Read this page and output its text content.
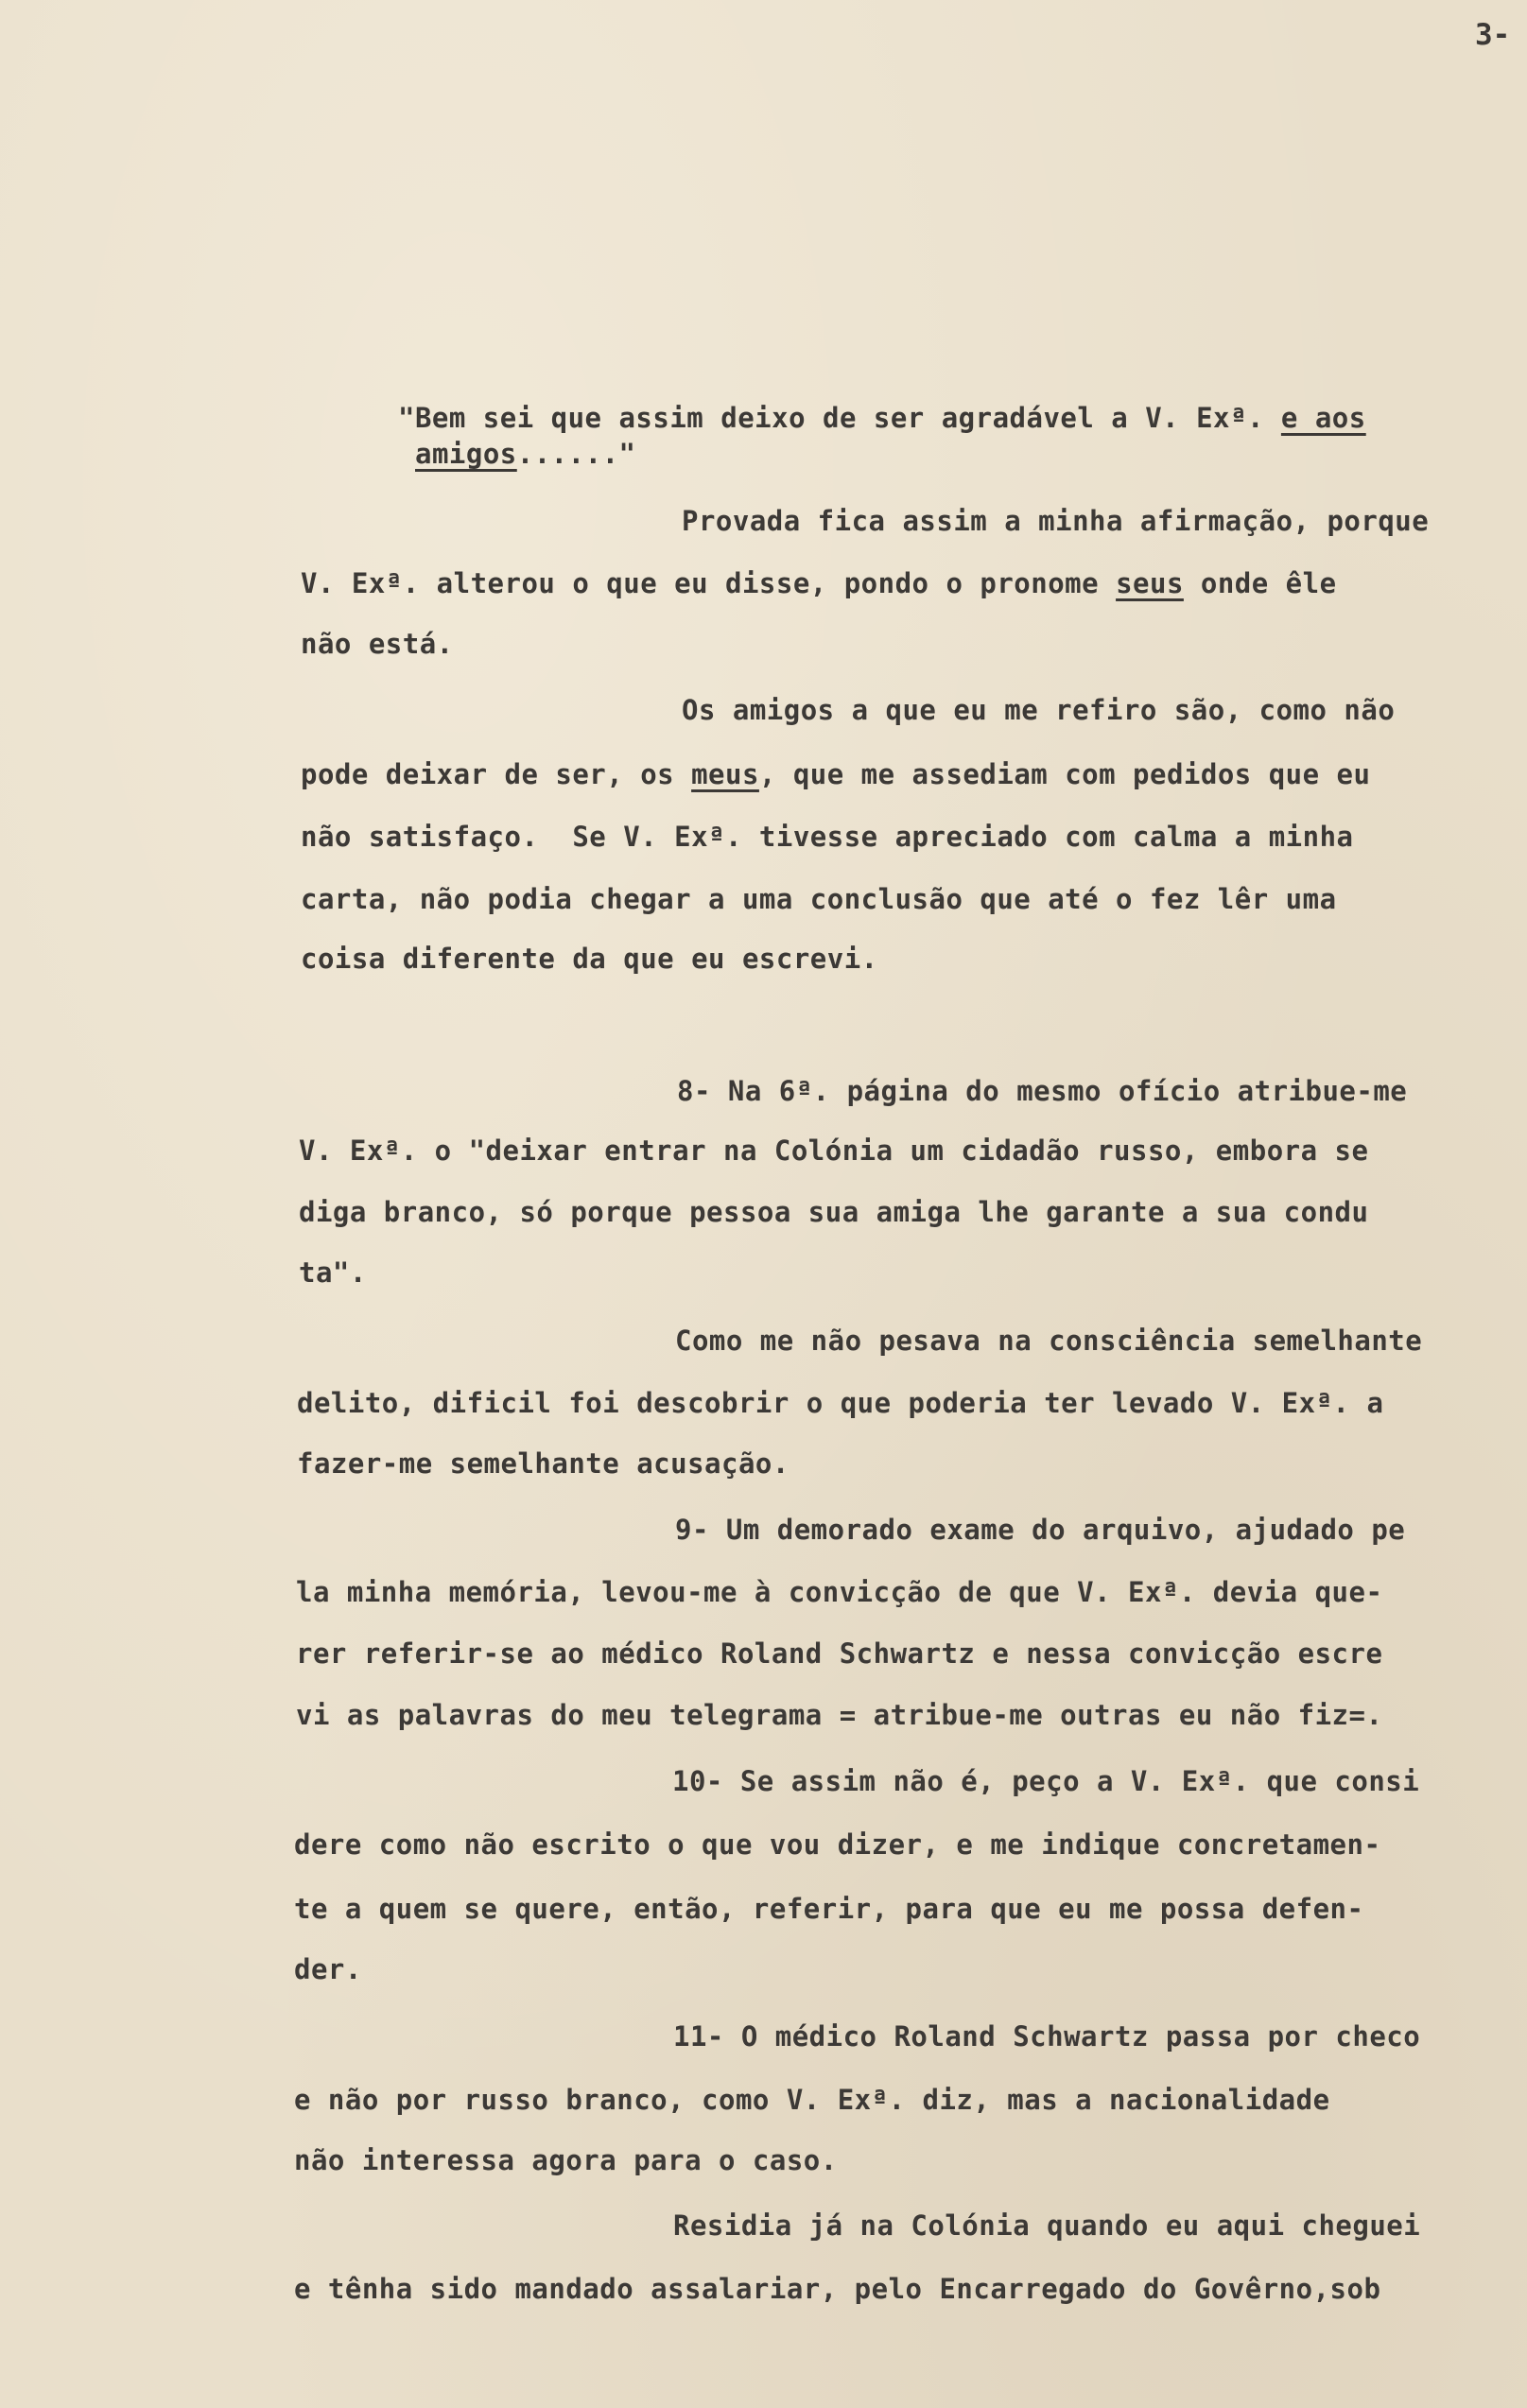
3-

"Bem sei que assim deixo de ser agradável a V. Exª. e aos

amigos......"

Provada fica assim a minha afirmação, porque

V. Exª. alterou o que eu disse, pondo o pronome seus onde êle

não está.

Os amigos a que eu me refiro são, como não

pode deixar de ser, os meus, que me assediam com pedidos que eu

não satisfaço.  Se V. Exª. tivesse apreciado com calma a minha

carta, não podia chegar a uma conclusão que até o fez lêr uma

coisa diferente da que eu escrevi.

8- Na 6ª. página do mesmo ofício atribue-me

V. Exª. o "deixar entrar na Colónia um cidadão russo, embora se

diga branco, só porque pessoa sua amiga lhe garante a sua condu

ta".

Como me não pesava na consciência semelhante

delito, dificil foi descobrir o que poderia ter levado V. Exª. a

fazer-me semelhante acusação.

9- Um demorado exame do arquivo, ajudado pe

la minha memória, levou-me à convicção de que V. Exª. devia que-

rer referir-se ao médico Roland Schwartz e nessa convicção escre

vi as palavras do meu telegrama = atribue-me outras eu não fiz=.

10- Se assim não é, peço a V. Exª. que consi

dere como não escrito o que vou dizer, e me indique concretamen-

te a quem se quere, então, referir, para que eu me possa defen-

der.

11- O médico Roland Schwartz passa por checo

e não por russo branco, como V. Exª. diz, mas a nacionalidade

não interessa agora para o caso.

Residia já na Colónia quando eu aqui cheguei

e tênha sido mandado assalariar, pelo Encarregado do Govêrno,sob
